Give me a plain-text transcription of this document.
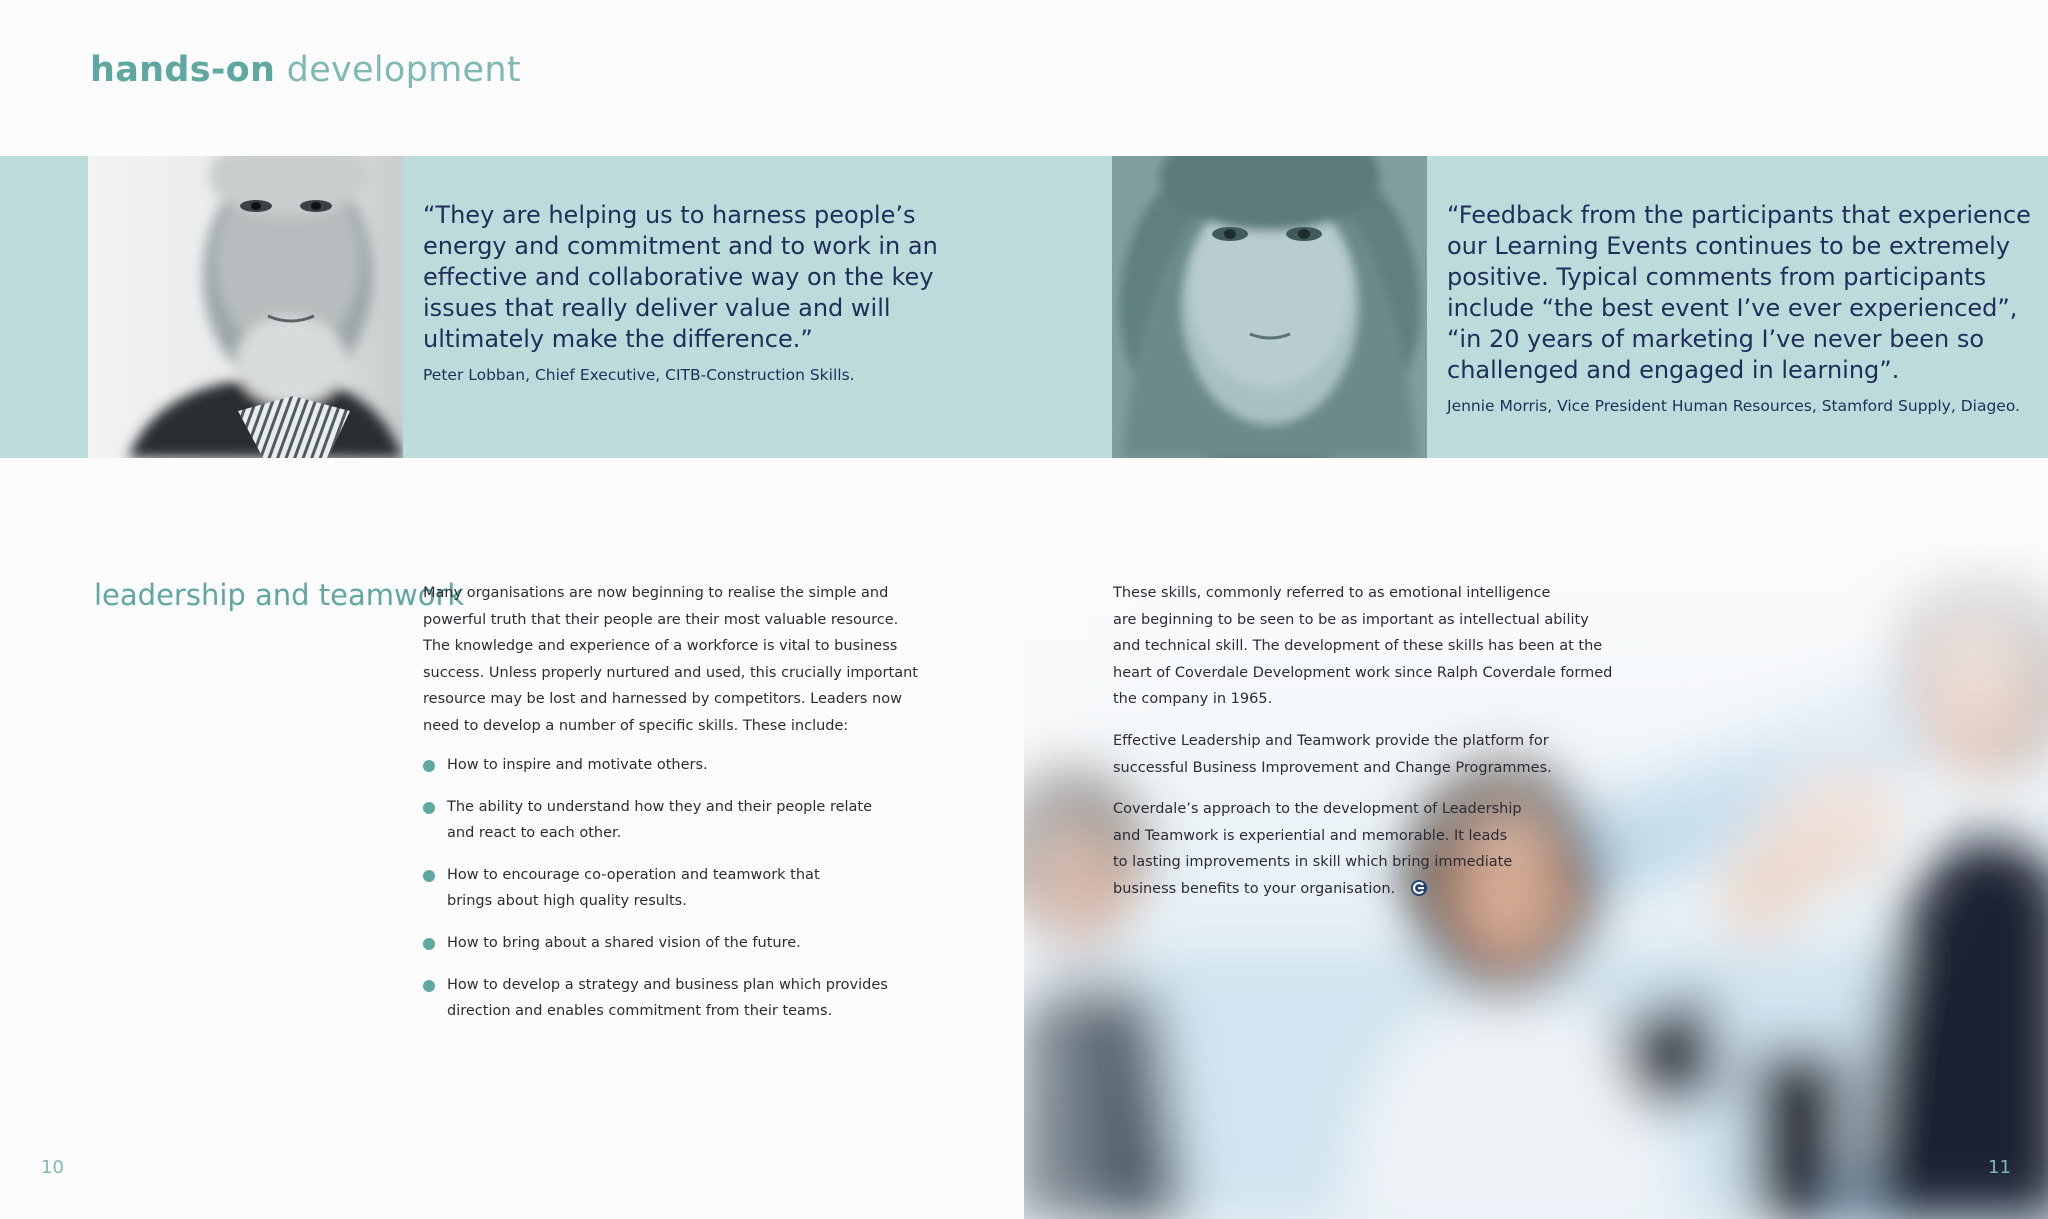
hands-on development
“They are helping us to harness people’s
energy and commitment and to work in an
effective and collaborative way on the key
issues that really deliver value and will
ultimately make the difference.”
Peter Lobban, Chief Executive, CITB-Construction Skills.
“Feedback from the participants that experience
our Learning Events continues to be extremely
positive. Typical comments from participants
include “the best event I’ve ever experienced”,
“in 20 years of marketing I’ve never been so
challenged and engaged in learning”.
Jennie Morris, Vice President Human Resources, Stamford Supply, Diageo.
leadership and teamwork

Many organisations are now beginning to realise the simple and

powerful truth that their people are their most valuable resource.

The knowledge and experience of a workforce is vital to business

success. Unless properly nurtured and used, this crucially important

resource may be lost and harnessed by competitors. Leaders now

need to develop a number of specific skills. These include:

How to inspire and motivate others.

The ability to understand how they and their people relate

and react to each other.

How to encourage co-operation and teamwork that

brings about high quality results.

How to bring about a shared vision of the future.

How to develop a strategy and business plan which provides

direction and enables commitment from their teams.

These skills, commonly referred to as emotional intelligence

are beginning to be seen to be as important as intellectual ability

and technical skill. The development of these skills has been at the

heart of Coverdale Development work since Ralph Coverdale formed

the company in 1965.

Effective Leadership and Teamwork provide the platform for

successful Business Improvement and Change Programmes.

Coverdale’s approach to the development of Leadership

and Teamwork is experiential and memorable. It leads

to lasting improvements in skill which bring immediate

business benefits to your organisation.

10	11
